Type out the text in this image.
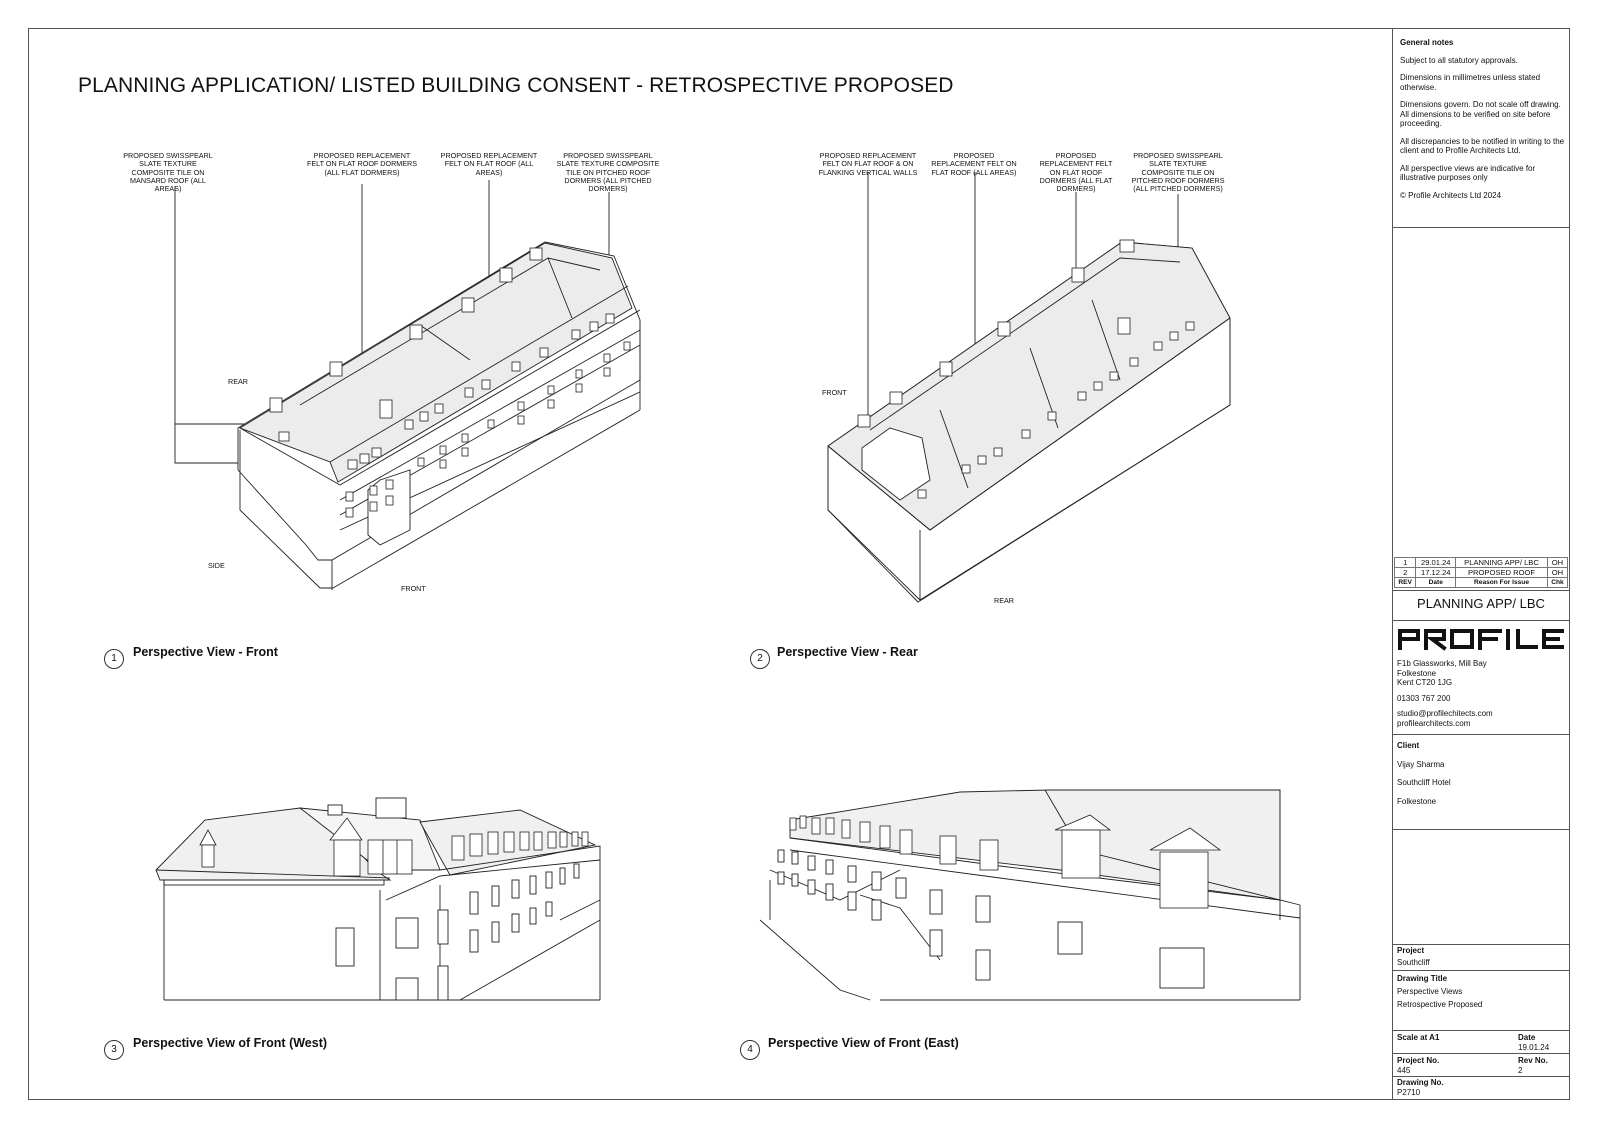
PLANNING APPLICATION/ LISTED BUILDING CONSENT - RETROSPECTIVE PROPOSED
PROPOSED SWISSPEARL SLATE TEXTURE COMPOSITE TILE ON MANSARD ROOF (ALL AREAS)
PROPOSED REPLACEMENT FELT ON FLAT ROOF DORMERS (ALL FLAT DORMERS)
PROPOSED REPLACEMENT FELT ON FLAT ROOF (ALL AREAS)
PROPOSED SWISSPEARL SLATE TEXTURE COMPOSITE TILE ON PITCHED ROOF DORMERS (ALL PITCHED DORMERS)
REAR
SIDE
FRONT
1	Perspective View - Front
PROPOSED REPLACEMENT FELT ON FLAT ROOF & ON FLANKING VERTICAL WALLS
PROPOSED REPLACEMENT FELT ON FLAT ROOF (ALL AREAS)
PROPOSED REPLACEMENT FELT ON FLAT ROOF DORMERS (ALL FLAT DORMERS)
PROPOSED SWISSPEARL SLATE TEXTURE COMPOSITE TILE ON PITCHED ROOF DORMERS (ALL PITCHED DORMERS)
FRONT
REAR
2	Perspective View - Rear
3	Perspective View of Front (West)	4	Perspective View of Front (East)
General notes
Subject to all statutory approvals.
Dimensions in millimetres unless stated otherwise.
Dimensions govern. Do not scale off drawing. All dimensions to be verified on site before proceeding.
All discrepancies to be notified in writing to the client and to Profile Architects Ltd.
All perspective views are indicative for illustrative purposes only
© Profile Architects Ltd 2024
1	29.01.24	PLANNING APP/ LBC	OH
2	17.12.24	PROPOSED ROOF	OH
REV	Date	Reason For Issue	Chk
PLANNING APP/ LBC
F1b Glassworks, Mill Bay
Folkestone
Kent CT20 1JG
01303 767 200
studio@profilechitects.com
profilearchitects.com
Client
Vijay Sharma
Southcliff Hotel
Folkestone
Project
Southcliff
Drawing Title
Perspective Views
Retrospective Proposed
Scale at A1	Date
19.01.24
Project No.
445
Rev No.
2
Drawing No.
P2710
